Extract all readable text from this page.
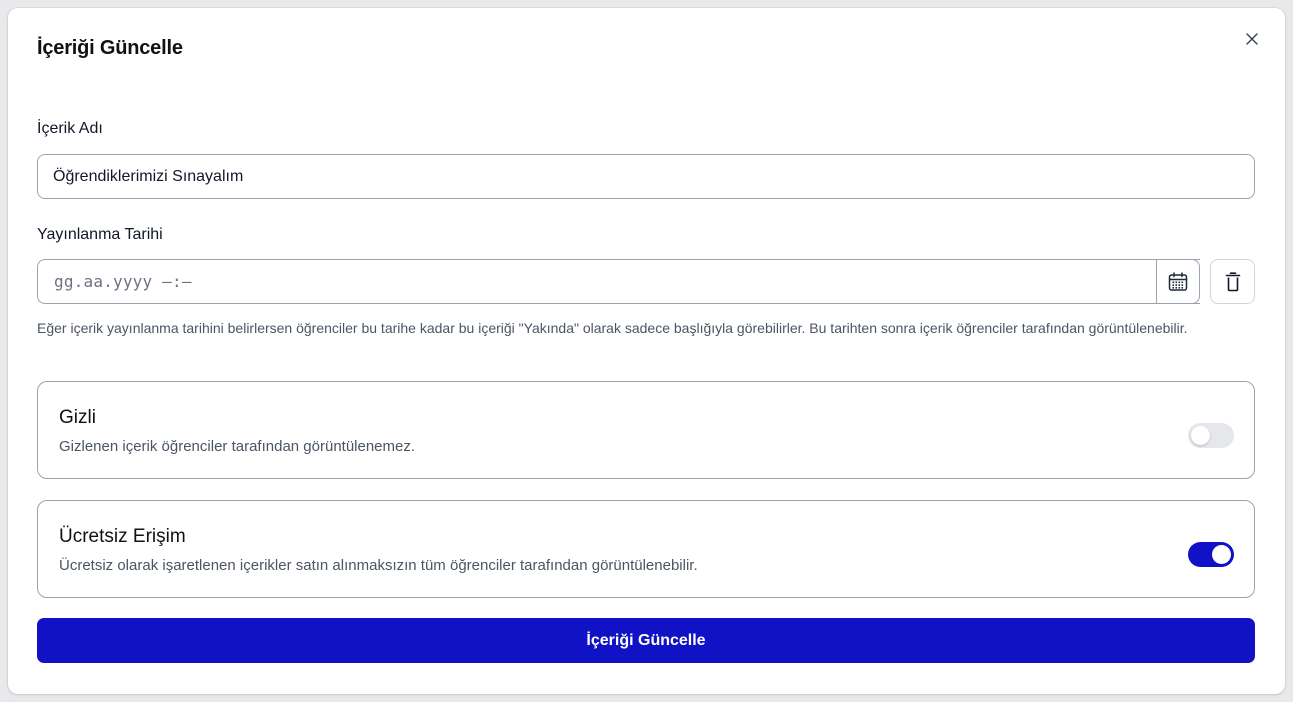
İçeriği Güncelle
İçerik Adı
Öğrendiklerimizi Sınayalım
Yayınlanma Tarihi
gg.aa.yyyy —:—

Eğer içerik yayınlanma tarihini belirlersen öğrenciler bu tarihe kadar bu içeriği "Yakında" olarak sadece başlığıyla görebilirler. Bu tarihten sonra içerik öğrenciler tarafından görüntülenebilir.

Gizli
Gizlenen içerik öğrenciler tarafından görüntülenemez.
Ücretsiz Erişim
Ücretsiz olarak işaretlenen içerikler satın alınmaksızın tüm öğrenciler tarafından görüntülenebilir.
İçeriği Güncelle
